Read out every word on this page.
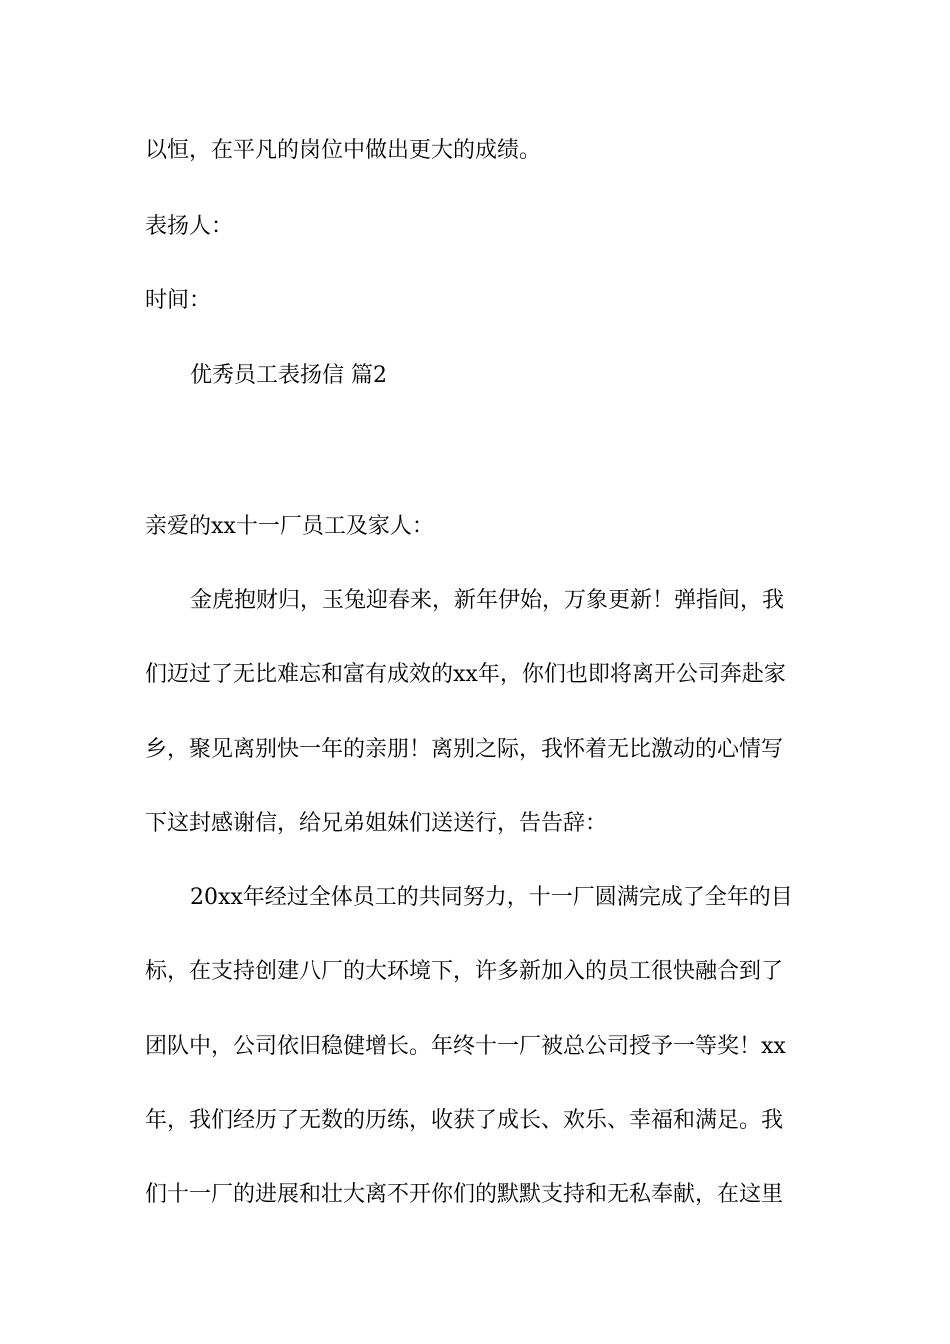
以恒，在平凡的岗位中做出更大的成绩。
表扬人：
时间：
优秀员工表扬信 篇2
亲爱的xx十一厂员工及家人：
金虎抱财归，玉兔迎春来，新年伊始，万象更新！弹指间，我
们迈过了无比难忘和富有成效的xx年，你们也即将离开公司奔赴家
乡，聚见离别快一年的亲朋！离别之际，我怀着无比激动的心情写
下这封感谢信，给兄弟姐妹们送送行，告告辞：
20xx年经过全体员工的共同努力，十一厂圆满完成了全年的目
标，在支持创建八厂的大环境下，许多新加入的员工很快融合到了
团队中，公司依旧稳健增长。年终十一厂被总公司授予一等奖！xx
年，我们经历了无数的历练，收获了成长、欢乐、幸福和满足。我
们十一厂的进展和壮大离不开你们的默默支持和无私奉献，在这里
